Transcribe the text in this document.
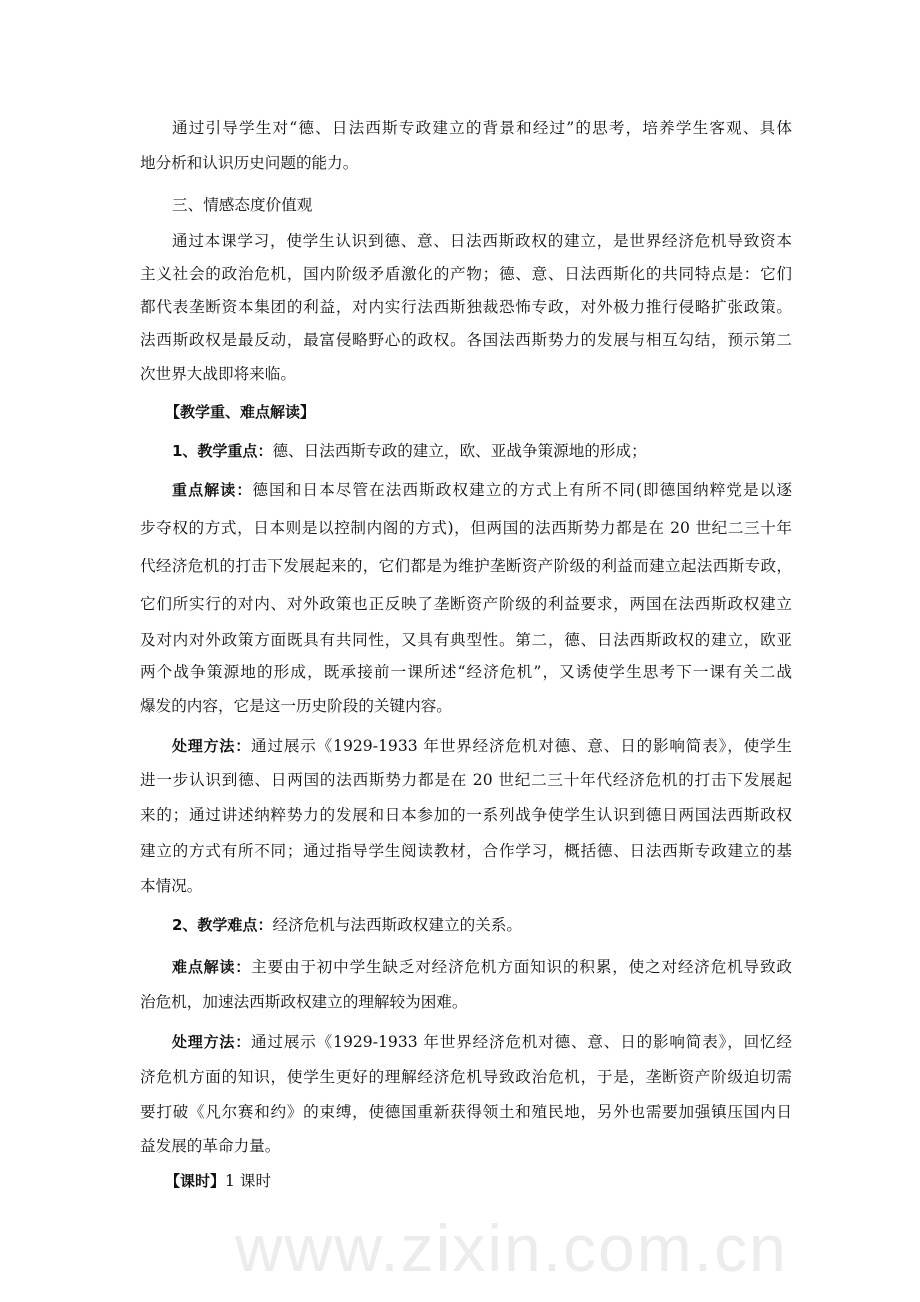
www.zixin.com.cn
通过引导学生对“德、日法西斯专政建立的背景和经过”的思考，培养学生客观、具体
地分析和认识历史问题的能力。
三、情感态度价值观
通过本课学习，使学生认识到德、意、日法西斯政权的建立，是世界经济危机导致资本
主义社会的政治危机，国内阶级矛盾激化的产物；德、意、日法西斯化的共同特点是：它们
都代表垄断资本集团的利益，对内实行法西斯独裁恐怖专政，对外极力推行侵略扩张政策。
法西斯政权是最反动，最富侵略野心的政权。各国法西斯势力的发展与相互勾结，预示第二
次世界大战即将来临。
【教学重、难点解读】
1、教学重点：德、日法西斯专政的建立，欧、亚战争策源地的形成；
重点解读：德国和日本尽管在法西斯政权建立的方式上有所不同(即德国纳粹党是以逐
步夺权的方式，日本则是以控制内阁的方式)，但两国的法西斯势力都是在 20 世纪二三十年
代经济危机的打击下发展起来的，它们都是为维护垄断资产阶级的利益而建立起法西斯专政，
它们所实行的对内、对外政策也正反映了垄断资产阶级的利益要求，两国在法西斯政权建立
及对内对外政策方面既具有共同性，又具有典型性。第二，德、日法西斯政权的建立，欧亚
两个战争策源地的形成，既承接前一课所述“经济危机”，又诱使学生思考下一课有关二战
爆发的内容，它是这一历史阶段的关键内容。
处理方法：通过展示《1929-1933 年世界经济危机对德、意、日的影响简表》，使学生
进一步认识到德、日两国的法西斯势力都是在 20 世纪二三十年代经济危机的打击下发展起
来的；通过讲述纳粹势力的发展和日本参加的一系列战争使学生认识到德日两国法西斯政权
建立的方式有所不同；通过指导学生阅读教材，合作学习，概括德、日法西斯专政建立的基
本情况。
2、教学难点：经济危机与法西斯政权建立的关系。
难点解读：主要由于初中学生缺乏对经济危机方面知识的积累，使之对经济危机导致政
治危机，加速法西斯政权建立的理解较为困难。
处理方法：通过展示《1929-1933 年世界经济危机对德、意、日的影响简表》，回忆经
济危机方面的知识，使学生更好的理解经济危机导致政治危机，于是，垄断资产阶级迫切需
要打破《凡尔赛和约》的束缚，使德国重新获得领土和殖民地，另外也需要加强镇压国内日
益发展的革命力量。
【课时】1 课时
